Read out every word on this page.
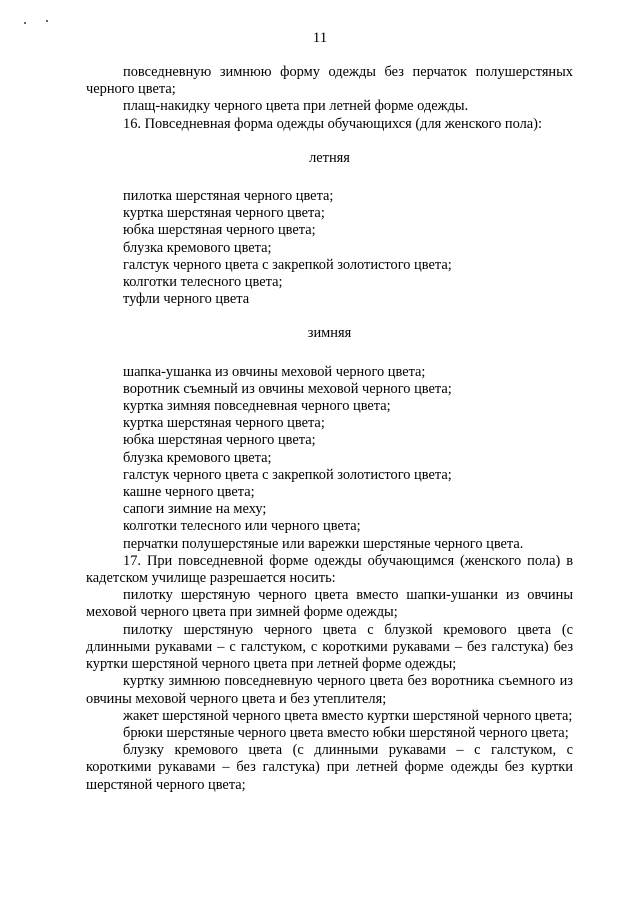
11

повседневную зимнюю форму одежды без перчаток полушерстяных черного цвета;

плащ-накидку черного цвета при летней форме одежды.

16. Повседневная форма одежды обучающихся (для женского пола):

летняя

пилотка шерстяная черного цвета;

куртка шерстяная черного цвета;

юбка шерстяная черного цвета;

блузка кремового цвета;

галстук черного цвета с закрепкой золотистого цвета;

колготки телесного цвета;

туфли черного цвета

зимняя

шапка-ушанка из овчины меховой черного цвета;

воротник съемный из овчины меховой черного цвета;

куртка зимняя повседневная черного цвета;

куртка шерстяная черного цвета;

юбка шерстяная черного цвета;

блузка кремового цвета;

галстук черного цвета с закрепкой золотистого цвета;

кашне черного цвета;

сапоги зимние на меху;

колготки телесного или черного цвета;

перчатки полушерстяные или варежки шерстяные черного цвета.

17. При повседневной форме одежды обучающимся (женского пола) в кадетском училище разрешается носить:

пилотку шерстяную черного цвета вместо шапки-ушанки из овчины меховой черного цвета при зимней форме одежды;

пилотку шерстяную черного цвета с блузкой кремового цвета (с длинными рукавами – с галстуком, с короткими рукавами – без галстука) без куртки шерстяной черного цвета при летней форме одежды;

куртку зимнюю повседневную черного цвета без воротника съемного из овчины меховой черного цвета и без утеплителя;

жакет шерстяной черного цвета вместо куртки шерстяной черного цвета;

брюки шерстяные черного цвета вместо юбки шерстяной черного цвета;

блузку кремового цвета (с длинными рукавами – с галстуком, с короткими рукавами – без галстука) при летней форме одежды без куртки шерстяной черного цвета;
